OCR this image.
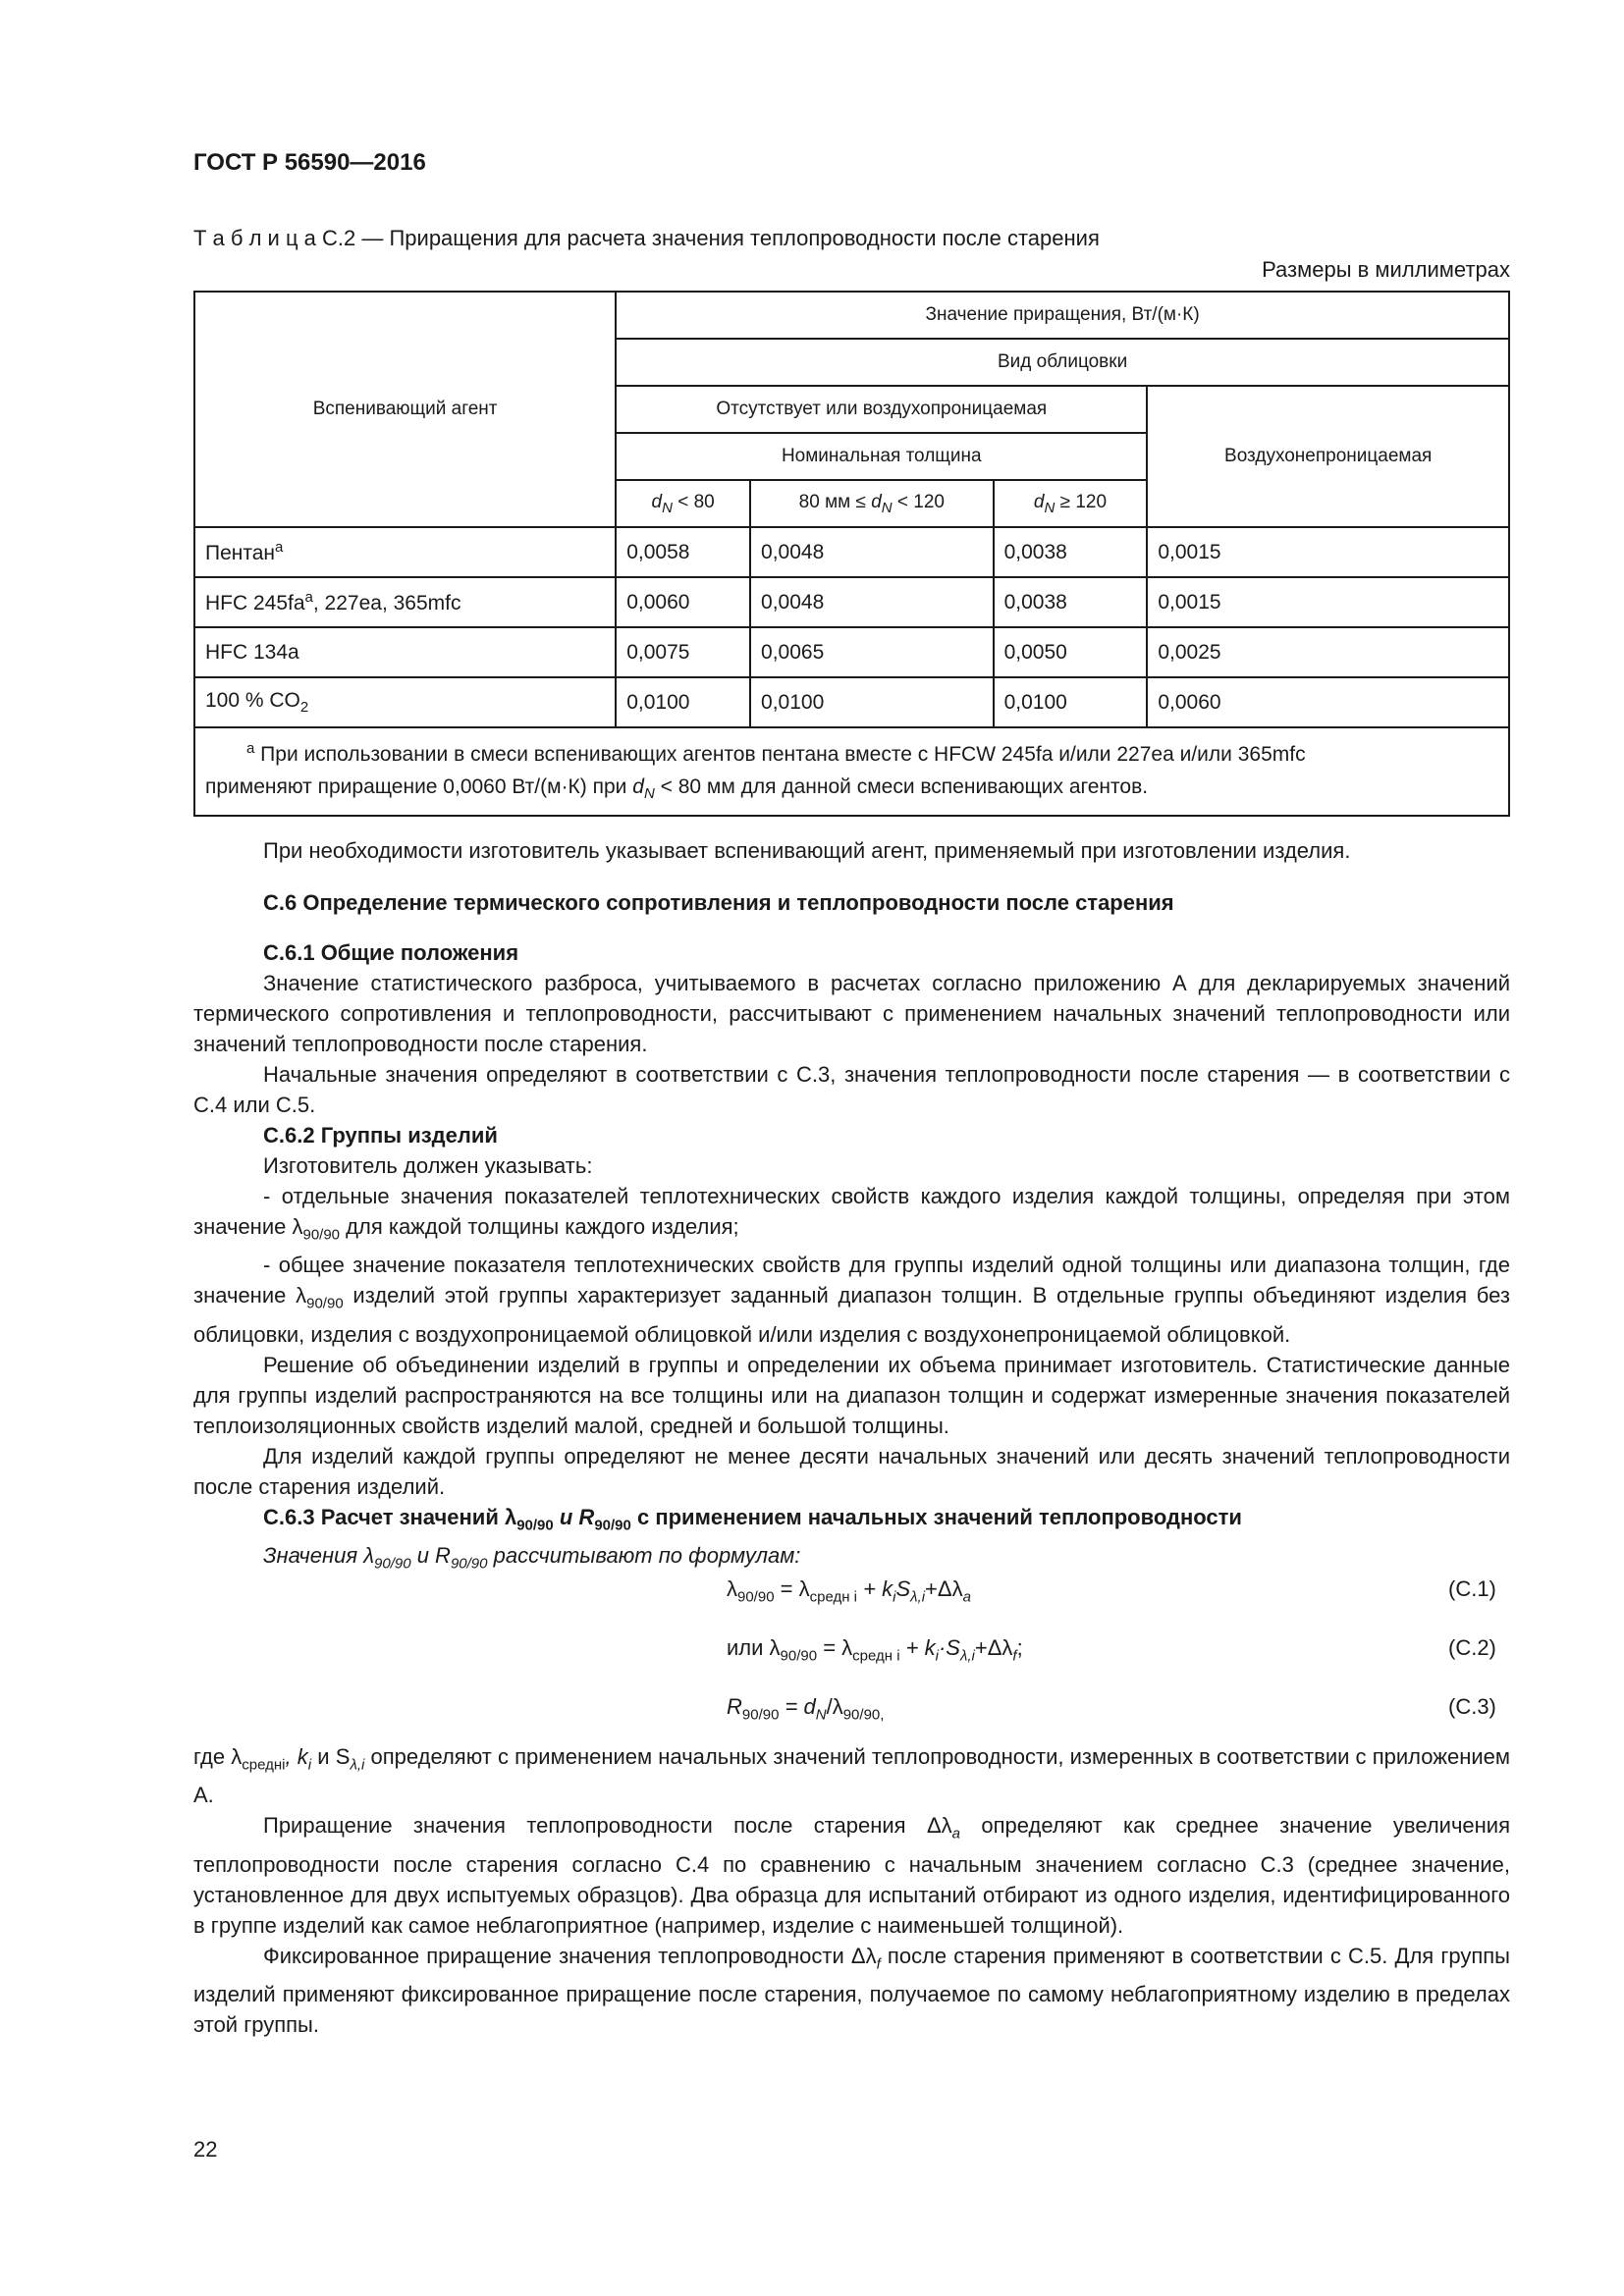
ГОСТ Р 56590—2016
Т а б л и ц а С.2 — Приращения для расчета значения теплопроводности после старения
Размеры в миллиметрах
Вспенивающий агент	Значение приращения, Вт/(м·К)			
	Вид облицовки			
	Отсутствует или воздухопроницаемая			Воздухонепроницаемая
	Номинальная толщина			
	$d_N < 80$	80 мм ≤ $d_N < 120$	$d_N \ge 120$	
Пентан$^a$	0,0058	0,0048	0,0038	0,0015
HFC $245fa^a$, 227ea, 365mfc	0,0060	0,0048	0,0038	0,0015
HFC 134a	0,0075	0,0065	0,0050	0,0025
100 % $CO_2$	0,0100	0,0100	0,0100	0,0060

$^a$ При использовании в смеси вспенивающих агентов пентана вместе с HFCW 245fa и/или 227ea и/или 365mfc
применяют приращение 0,0060 Вт/(м·К) при $d_N < 80$ мм для данной смеси вспенивающих агентов.				
При необходимости изготовитель указывает вспенивающий агент, применяемый при изготовлении изделия.
С.6 Определение термического сопротивления и теплопроводности после старения
С.6.1 Общие положения
Значение статистического разброса, учитываемого в расчетах согласно приложению А для декларируемых значений термического сопротивления и теплопроводности, рассчитывают с применением начальных значений теплопроводности или значений теплопроводности после старения.
Начальные значения определяют в соответствии с С.3, значения теплопроводности после старения — в соответствии с С.4 или С.5.
С.6.2 Группы изделий
Изготовитель должен указывать:
- отдельные значения показателей теплотехнических свойств каждого изделия каждой толщины, определяя при этом значение $\lambda_{90/90}$ для каждой толщины каждого изделия;
- общее значение показателя теплотехнических свойств для группы изделий одной толщины или диапазона толщин, где значение $\lambda_{90/90}$ изделий этой группы характеризует заданный диапазон толщин. В отдельные группы объединяют изделия без облицовки, изделия с воздухопроницаемой облицовкой и/или изделия с воздухонепроницаемой облицовкой.
Решение об объединении изделий в группы и определении их объема принимает изготовитель. Статистические данные для группы изделий распространяются на все толщины или на диапазон толщин и содержат измеренные значения показателей теплоизоляционных свойств изделий малой, средней и большой толщины.
Для изделий каждой группы определяют не менее десяти начальных значений или десять значений теплопроводности после старения изделий.
С.6.3 Расчет значений $\lambda_{90/90}$ и $R_{90/90}$ с применением начальных значений теплопроводности
Значения $\lambda_{90/90}$ и $R_{90/90}$ рассчитывают по формулам:
$\lambda_{90/90} = \lambda_{средн i} + k_iS_{\lambda,i}+\Delta\lambda_a$	(C.1)
или $\lambda_{90/90} = \lambda_{средн i} + k_i\cdot S_{\lambda,i}+\Delta\lambda_f$;	(C.2)
$R_{90/90} = d_N/\lambda_{90/90,}$	(C.3)
где $\lambda_{средні}$, $k_i$ и $S_{\lambda,i}$ определяют с применением начальных значений теплопроводности, измеренных в соответствии с приложением А.
Приращение значения теплопроводности после старения $\Delta\lambda_a$ определяют как среднее значение увеличения теплопроводности после старения согласно С.4 по сравнению с начальным значением согласно С.3 (среднее значение, установленное для двух испытуемых образцов). Два образца для испытаний отбирают из одного изделия, идентифицированного в группе изделий как самое неблагоприятное (например, изделие с наименьшей толщиной).
Фиксированное приращение значения теплопроводности $\Delta\lambda_f$ после старения применяют в соответствии с С.5. Для группы изделий применяют фиксированное приращение после старения, получаемое по самому неблагоприятному изделию в пределах этой группы.
22
